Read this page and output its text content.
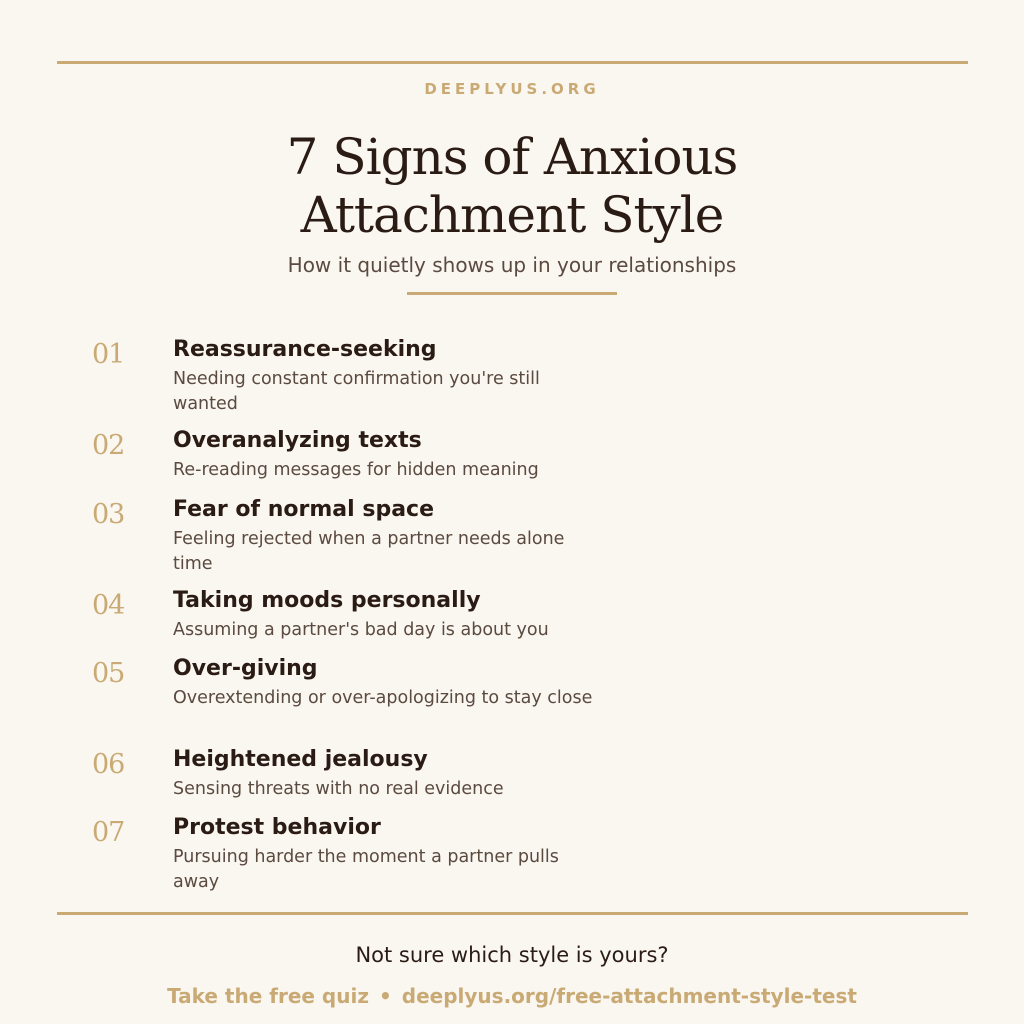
DEEPLYUS.ORG
7 Signs of Anxious
Attachment Style
How it quietly shows up in your relationships
01 Reassurance-seeking
Needing constant confirmation you're still wanted
02 Overanalyzing texts
Re-reading messages for hidden meaning
03 Fear of normal space
Feeling rejected when a partner needs alone time
04 Taking moods personally
Assuming a partner's bad day is about you
05 Over-giving
Overextending or over-apologizing to stay close
06 Heightened jealousy
Sensing threats with no real evidence
07 Protest behavior
Pursuing harder the moment a partner pulls away
Not sure which style is yours?
Take the free quiz • deeplyus.org/free-attachment-style-test
